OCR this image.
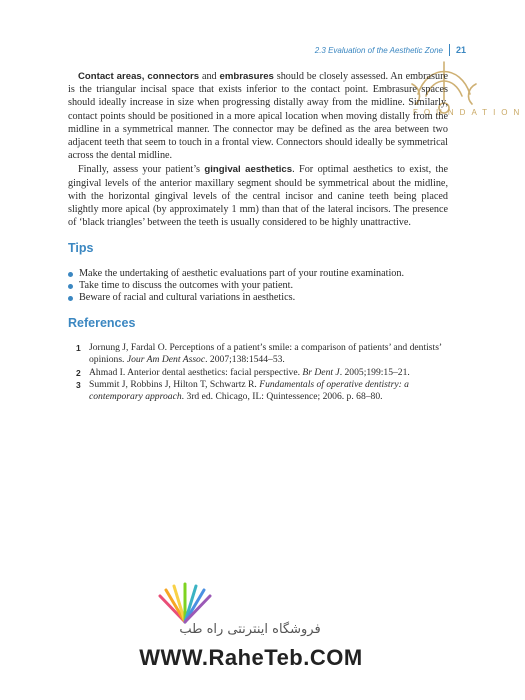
2.3 Evaluation of the Aesthetic Zone 21
FOUNDATION

Contact areas, connectors and embrasures should be closely assessed. An embrasure is the triangular incisal space that exists inferior to the contact point. Embrasure spaces should ideally increase in size when progressing distally away from the midline. Similarly, contact points should be positioned in a more apical location when moving distally from the midline in a symmetrical manner. The connector may be defined as the area between two adjacent teeth that seem to touch in a frontal view. Connectors should ideally be symmetrical across the dental midline.

Finally, assess your patient’s gingival aesthetics. For optimal aesthetics to exist, the gingival levels of the anterior maxillary segment should be symmetrical about the midline, with the horizontal gingival levels of the central incisor and canine teeth being placed slightly more apical (by approximately 1 mm) than that of the lateral incisors. The presence of ‘black triangles’ between the teeth is usually considered to be highly unattractive.

Tips
Make the undertaking of aesthetic evaluations part of your routine examination.
Take time to discuss the outcomes with your patient.
Beware of racial and cultural variations in aesthetics.
References
1 Jornung J, Fardal O. Perceptions of a patient’s smile: a comparison of patients’ and dentists’ opinions. Jour Am Dent Assoc. 2007;138:1544–53.
2 Ahmad I. Anterior dental aesthetics: facial perspective. Br Dent J. 2005;199:15–21.
3 Summit J, Robbins J, Hilton T, Schwartz R. Fundamentals of operative dentistry: a contemporary approach. 3rd ed. Chicago, IL: Quintessence; 2006. p. 68–80.
فروشگاه اینترنتی راه طب
WWW.RaheTeb.COM
